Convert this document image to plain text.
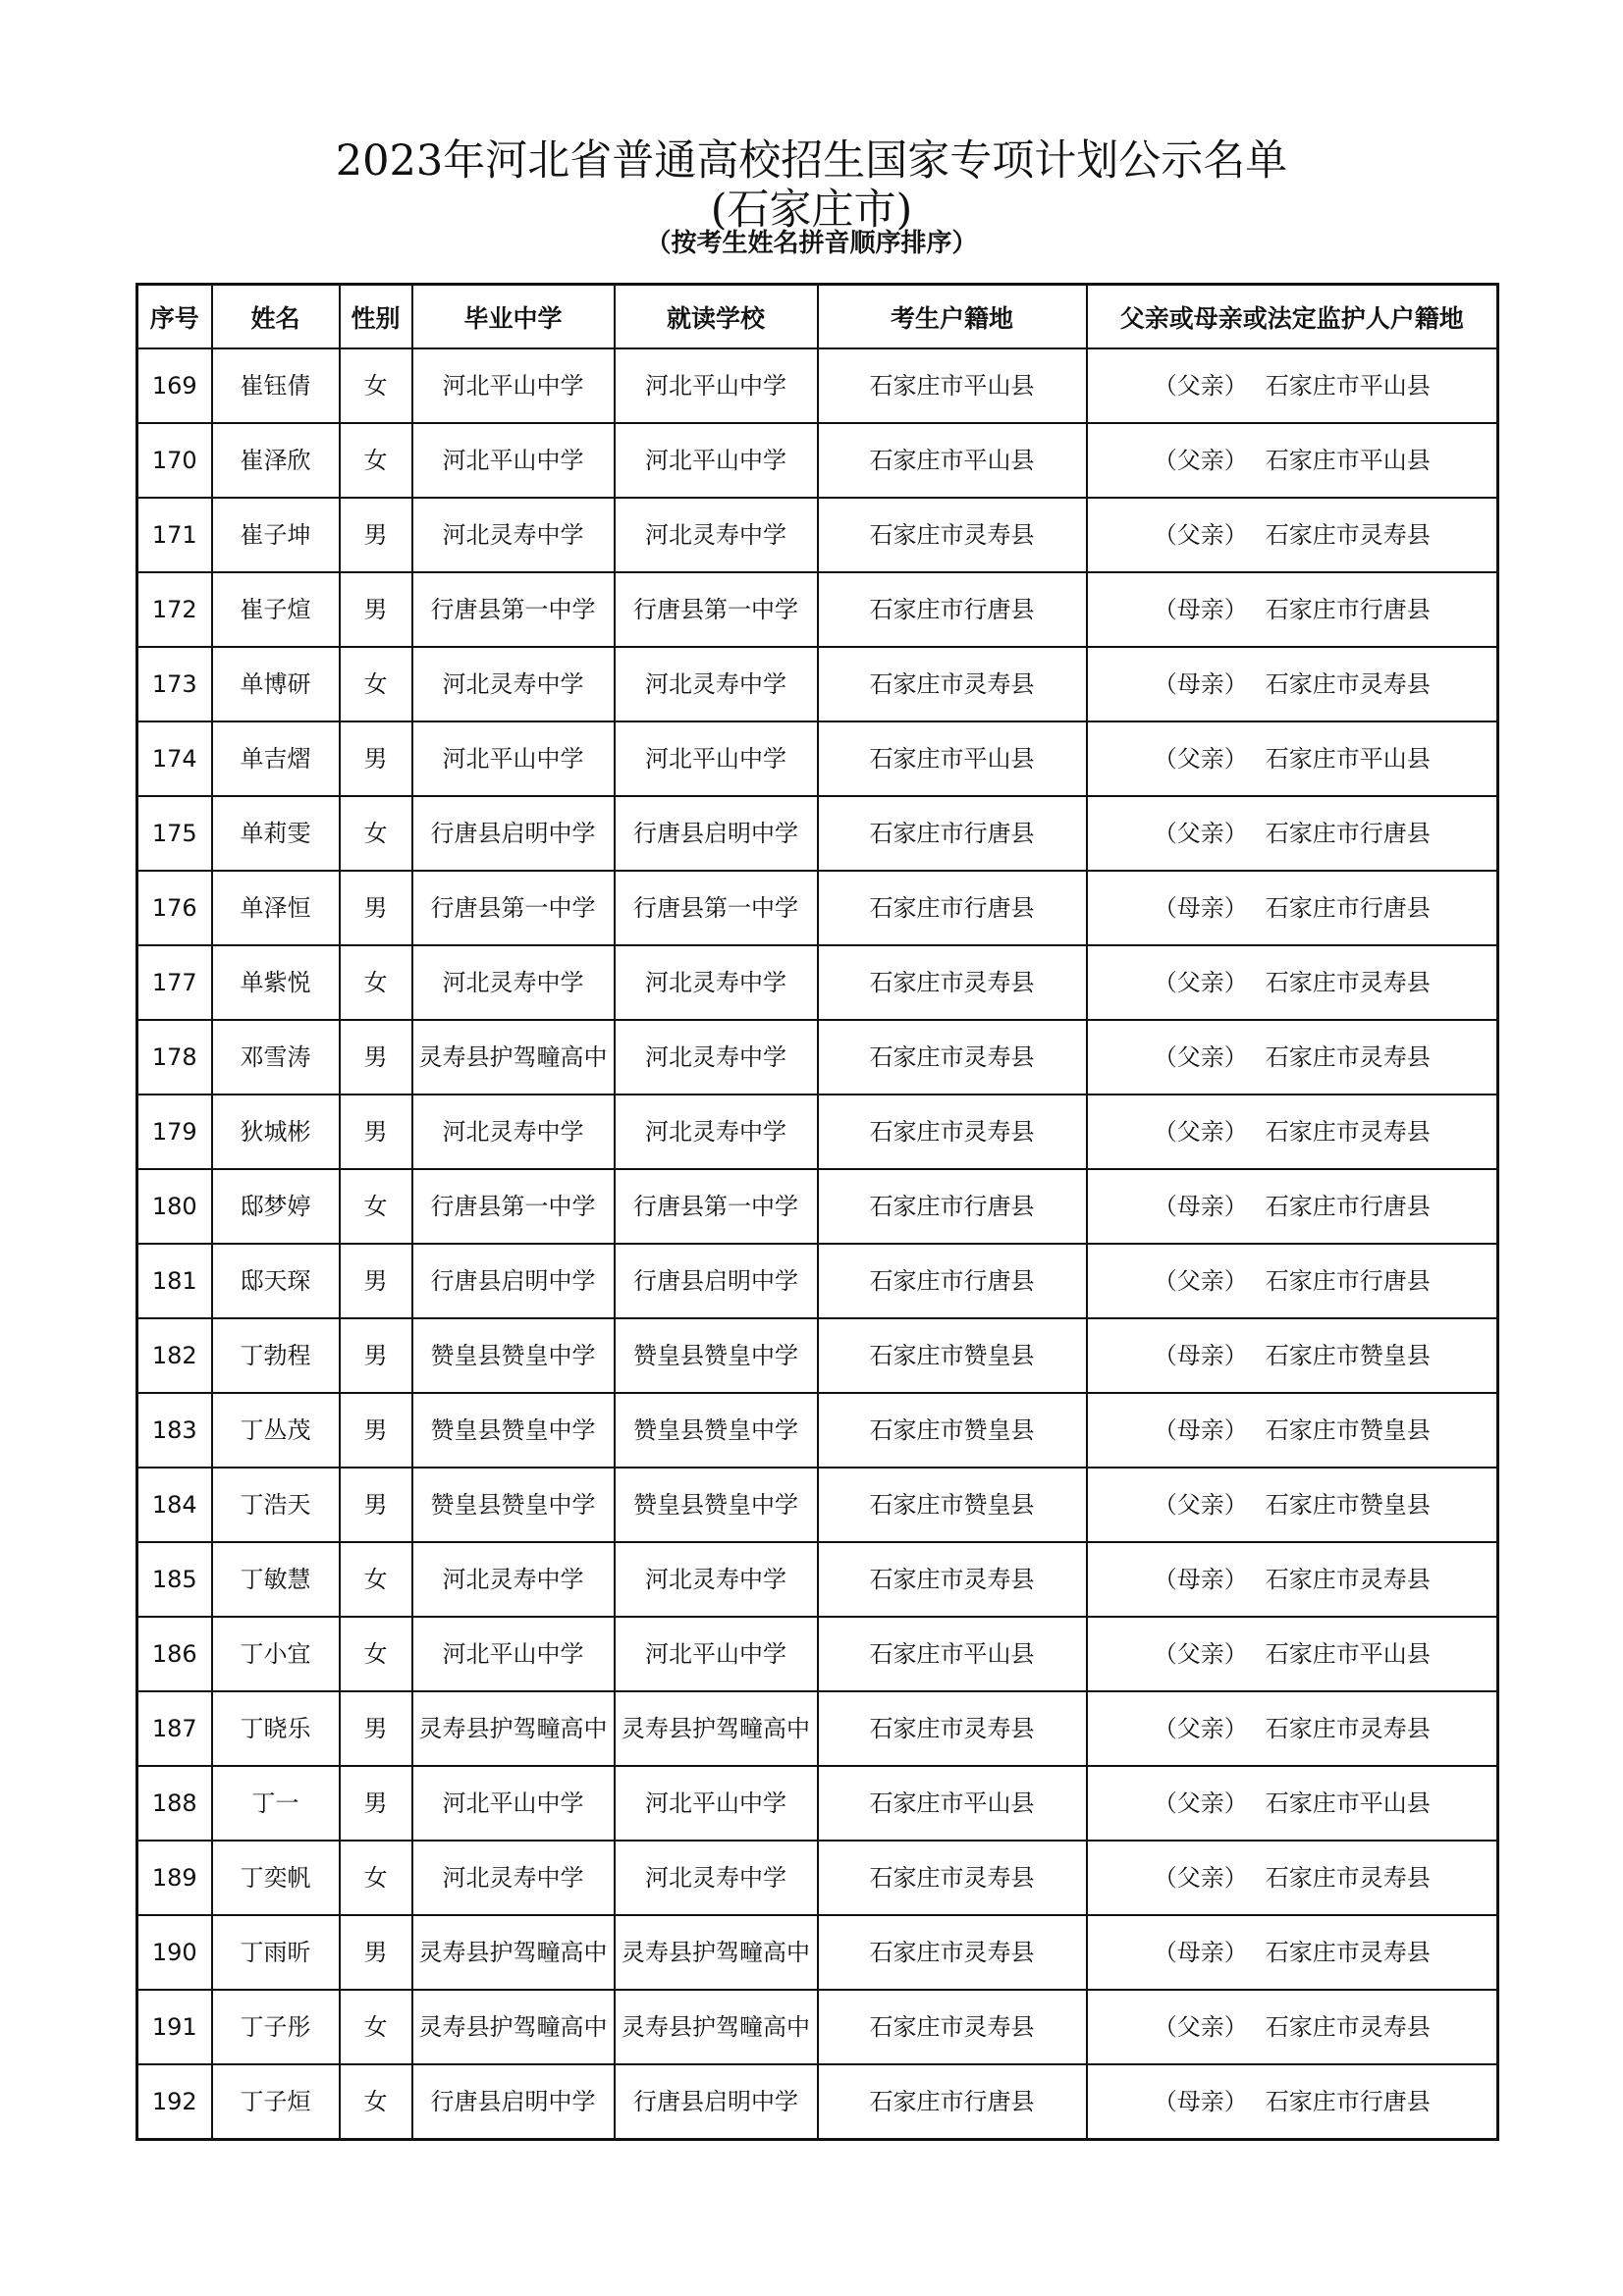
2023年河北省普通高校招生国家专项计划公示名单
(石家庄市)
（按考生姓名拼音顺序排序）
序号	姓名	性别	毕业中学	就读学校	考生户籍地	父亲或母亲或法定监护人户籍地
169	崔钰倩	女	河北平山中学	河北平山中学	石家庄市平山县	（父亲） 石家庄市平山县
170	崔泽欣	女	河北平山中学	河北平山中学	石家庄市平山县	（父亲） 石家庄市平山县
171	崔子坤	男	河北灵寿中学	河北灵寿中学	石家庄市灵寿县	（父亲） 石家庄市灵寿县
172	崔子煊	男	行唐县第一中学	行唐县第一中学	石家庄市行唐县	（母亲） 石家庄市行唐县
173	单博研	女	河北灵寿中学	河北灵寿中学	石家庄市灵寿县	（母亲） 石家庄市灵寿县
174	单吉熠	男	河北平山中学	河北平山中学	石家庄市平山县	（父亲） 石家庄市平山县
175	单莉雯	女	行唐县启明中学	行唐县启明中学	石家庄市行唐县	（父亲） 石家庄市行唐县
176	单泽恒	男	行唐县第一中学	行唐县第一中学	石家庄市行唐县	（母亲） 石家庄市行唐县
177	单紫悦	女	河北灵寿中学	河北灵寿中学	石家庄市灵寿县	（父亲） 石家庄市灵寿县
178	邓雪涛	男	灵寿县护驾疃高中	河北灵寿中学	石家庄市灵寿县	（父亲） 石家庄市灵寿县
179	狄城彬	男	河北灵寿中学	河北灵寿中学	石家庄市灵寿县	（父亲） 石家庄市灵寿县
180	邸梦婷	女	行唐县第一中学	行唐县第一中学	石家庄市行唐县	（母亲） 石家庄市行唐县
181	邸天琛	男	行唐县启明中学	行唐县启明中学	石家庄市行唐县	（父亲） 石家庄市行唐县
182	丁勃程	男	赞皇县赞皇中学	赞皇县赞皇中学	石家庄市赞皇县	（母亲） 石家庄市赞皇县
183	丁丛茂	男	赞皇县赞皇中学	赞皇县赞皇中学	石家庄市赞皇县	（母亲） 石家庄市赞皇县
184	丁浩天	男	赞皇县赞皇中学	赞皇县赞皇中学	石家庄市赞皇县	（父亲） 石家庄市赞皇县
185	丁敏慧	女	河北灵寿中学	河北灵寿中学	石家庄市灵寿县	（母亲） 石家庄市灵寿县
186	丁小宜	女	河北平山中学	河北平山中学	石家庄市平山县	（父亲） 石家庄市平山县
187	丁晓乐	男	灵寿县护驾疃高中	灵寿县护驾疃高中	石家庄市灵寿县	（父亲） 石家庄市灵寿县
188	丁一	男	河北平山中学	河北平山中学	石家庄市平山县	（父亲） 石家庄市平山县
189	丁奕帆	女	河北灵寿中学	河北灵寿中学	石家庄市灵寿县	（父亲） 石家庄市灵寿县
190	丁雨昕	男	灵寿县护驾疃高中	灵寿县护驾疃高中	石家庄市灵寿县	（母亲） 石家庄市灵寿县
191	丁子彤	女	灵寿县护驾疃高中	灵寿县护驾疃高中	石家庄市灵寿县	（父亲） 石家庄市灵寿县
192	丁子烜	女	行唐县启明中学	行唐县启明中学	石家庄市行唐县	（母亲） 石家庄市行唐县
